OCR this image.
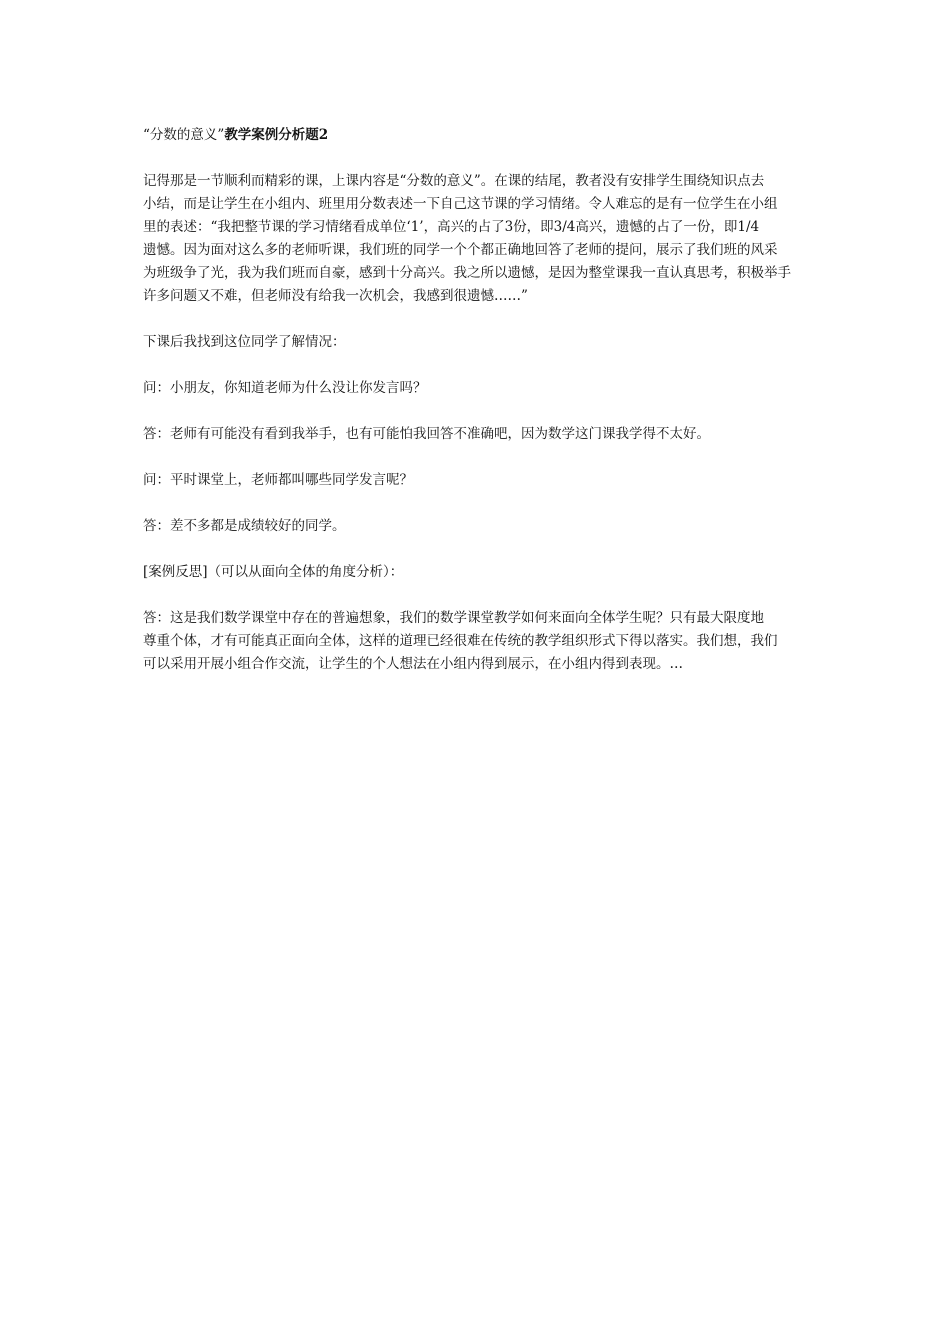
“分数的意义”教学案例分析题2

记得那是一节顺利而精彩的课，上课内容是“分数的意义”。在课的结尾，教者没有安排学生围绕知识点去
小结，而是让学生在小组内、班里用分数表述一下自己这节课的学习情绪。令人难忘的是有一位学生在小组
里的表述：“我把整节课的学习情绪看成单位‘1’，高兴的占了3份，即3/4高兴，遗憾的占了一份，即1/4
遗憾。因为面对这么多的老师听课，我们班的同学一个个都正确地回答了老师的提问，展示了我们班的风采
为班级争了光，我为我们班而自豪，感到十分高兴。我之所以遗憾，是因为整堂课我一直认真思考，积极举手
许多问题又不难，但老师没有给我一次机会，我感到很遗憾……”

下课后我找到这位同学了解情况：

问：小朋友，你知道老师为什么没让你发言吗？

答：老师有可能没有看到我举手，也有可能怕我回答不准确吧，因为数学这门课我学得不太好。

问：平时课堂上，老师都叫哪些同学发言呢？

答：差不多都是成绩较好的同学。

[案例反思]（可以从面向全体的角度分析）：

答：这是我们数学课堂中存在的普遍想象，我们的数学课堂教学如何来面向全体学生呢？只有最大限度地
尊重个体，才有可能真正面向全体，这样的道理已经很难在传统的教学组织形式下得以落实。我们想，我们
可以采用开展小组合作交流，让学生的个人想法在小组内得到展示，在小组内得到表现。…
